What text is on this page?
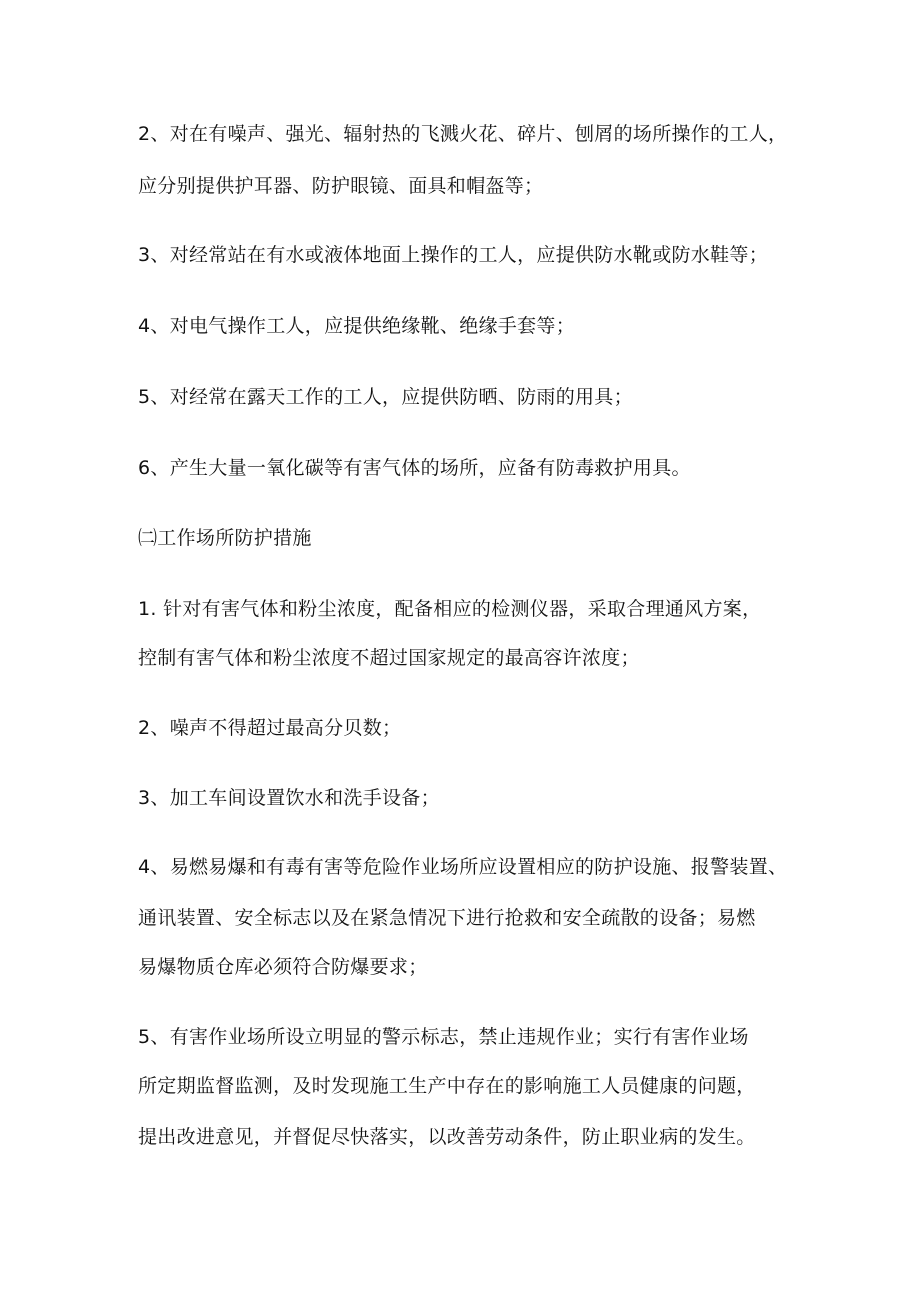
2、对在有噪声、强光、辐射热的飞溅火花、碎片、刨屑的场所操作的工人，
应分别提供护耳器、防护眼镜、面具和帽盔等；
3、对经常站在有水或液体地面上操作的工人，应提供防水靴或防水鞋等；
4、对电气操作工人，应提供绝缘靴、绝缘手套等；
5、对经常在露天工作的工人，应提供防晒、防雨的用具；
6、产生大量一氧化碳等有害气体的场所，应备有防毒救护用具。
㈡工作场所防护措施
1. 针对有害气体和粉尘浓度，配备相应的检测仪器，采取合理通风方案，
控制有害气体和粉尘浓度不超过国家规定的最高容许浓度；
2、噪声不得超过最高分贝数；
3、加工车间设置饮水和洗手设备；
4、易燃易爆和有毒有害等危险作业场所应设置相应的防护设施、报警装置、
通讯装置、安全标志以及在紧急情况下进行抢救和安全疏散的设备；易燃
易爆物质仓库必须符合防爆要求；
5、有害作业场所设立明显的警示标志，禁止违规作业；实行有害作业场
所定期监督监测，及时发现施工生产中存在的影响施工人员健康的问题，
提出改进意见，并督促尽快落实，以改善劳动条件，防止职业病的发生。
